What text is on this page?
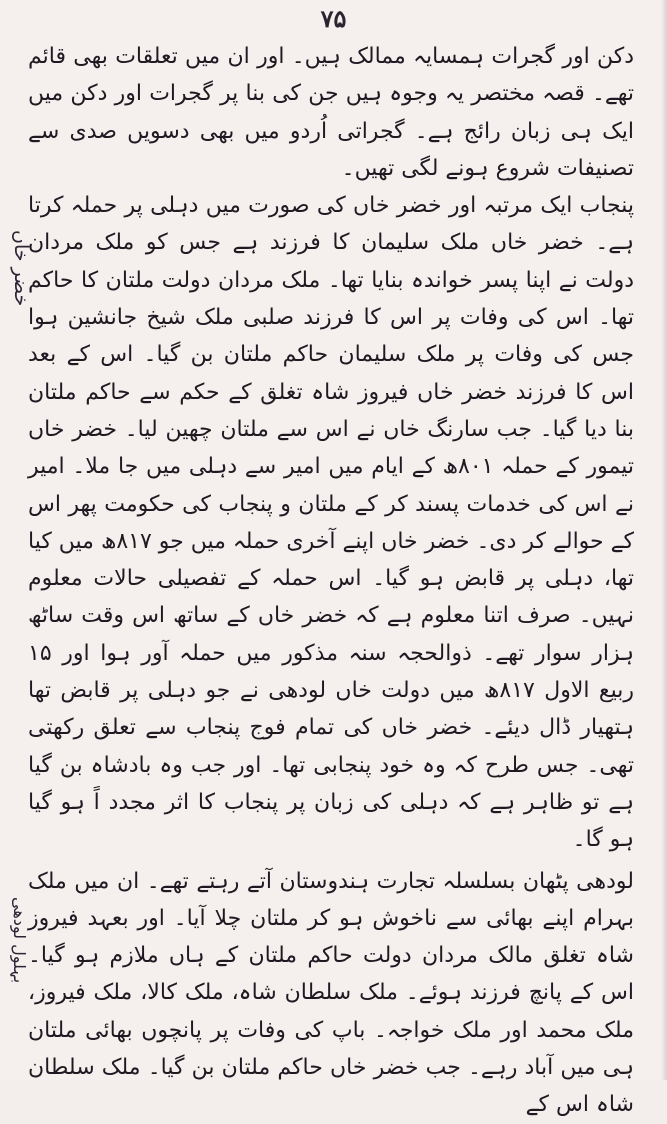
۷۵
خضر خاں
بہلول لودھی

دکن اور گجرات ہمسایہ ممالک ہیں۔ اور ان میں تعلقات بھی قائم تھے۔ قصہ مختصر یہ وجوہ ہیں جن کی بنا پر گجرات اور دکن میں ایک ہی زبان رائج ہے۔ گجراتی اُردو میں بھی دسویں صدی سے تصنیفات شروع ہونے لگی تھیں۔

پنجاب ایک مرتبہ اور خضر خاں کی صورت میں دہلی پر حملہ کرتا ہے۔ خضر خاں ملک سلیمان کا فرزند ہے جس کو ملک مردان دولت نے اپنا پسر خواندہ بنایا تھا۔ ملک مردان دولت ملتان کا حاکم تھا۔ اس کی وفات پر اس کا فرزند صلبی ملک شیخ جانشین ہوا جس کی وفات پر ملک سلیمان حاکم ملتان بن گیا۔ اس کے بعد اس کا فرزند خضر خاں فیروز شاہ تغلق کے حکم سے حاکم ملتان بنا دیا گیا۔ جب سارنگ خاں نے اس سے ملتان چھین لیا۔ خضر خاں تیمور کے حملہ ۸۰۱ھ کے ایام میں امیر سے دہلی میں جا ملا۔ امیر نے اس کی خدمات پسند کر کے ملتان و پنجاب کی حکومت پھر اس کے حوالے کر دی۔ خضر خاں اپنے آخری حملہ میں جو ۸۱۷ھ میں کیا تھا، دہلی پر قابض ہو گیا۔ اس حملہ کے تفصیلی حالات معلوم نہیں۔ صرف اتنا معلوم ہے کہ خضر خاں کے ساتھ اس وقت ساٹھ ہزار سوار تھے۔ ذوالحجہ سنہ مذکور میں حملہ آور ہوا اور ۱۵ ربیع الاول ۸۱۷ھ میں دولت خاں لودھی نے جو دہلی پر قابض تھا ہتھیار ڈال دیئے۔ خضر خاں کی تمام فوج پنجاب سے تعلق رکھتی تھی۔ جس طرح کہ وہ خود پنجابی تھا۔ اور جب وہ بادشاہ بن گیا ہے تو ظاہر ہے کہ دہلی کی زبان پر پنجاب کا اثر مجدد اً ہو گیا ہو گا۔

لودھی پٹھان بسلسلہ تجارت ہندوستان آتے رہتے تھے۔ ان میں ملک بہرام اپنے بھائی سے ناخوش ہو کر ملتان چلا آیا۔ اور بعہد فیروز شاہ تغلق مالک مردان دولت حاکم ملتان کے ہاں ملازم ہو گیا۔ اس کے پانچ فرزند ہوئے۔ ملک سلطان شاہ، ملک کالا، ملک فیروز، ملک محمد اور ملک خواجہ۔ باپ کی وفات پر پانچوں بھائی ملتان ہی میں آباد رہے۔ جب خضر خاں حاکم ملتان بن گیا۔ ملک سلطان شاہ اس کے
